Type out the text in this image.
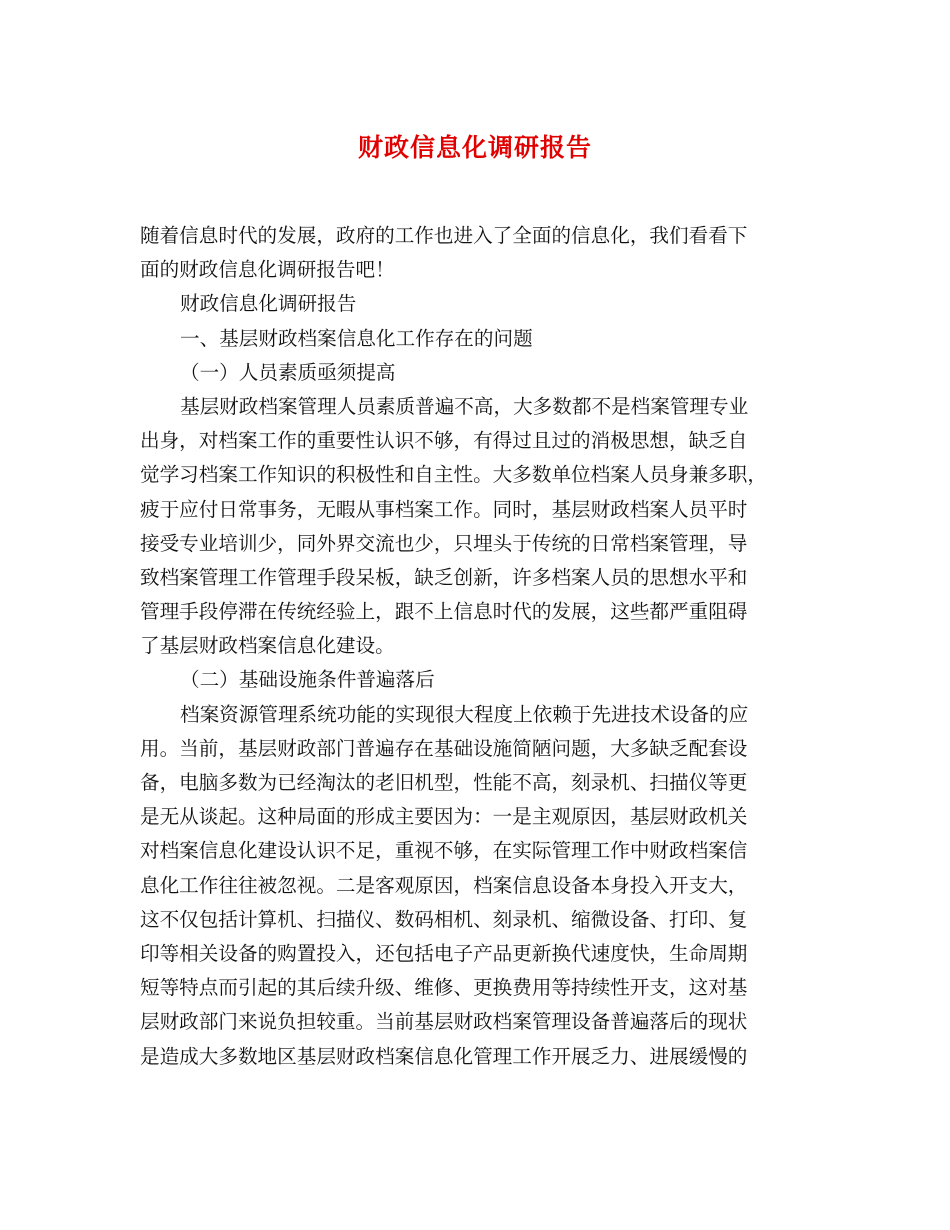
财政信息化调研报告
随着信息时代的发展，政府的工作也进入了全面的信息化，我们看看下
面的财政信息化调研报告吧！
财政信息化调研报告
一、基层财政档案信息化工作存在的问题
（一）人员素质亟须提高
基层财政档案管理人员素质普遍不高，大多数都不是档案管理专业
出身，对档案工作的重要性认识不够，有得过且过的消极思想，缺乏自
觉学习档案工作知识的积极性和自主性。大多数单位档案人员身兼多职，
疲于应付日常事务，无暇从事档案工作。同时，基层财政档案人员平时
接受专业培训少，同外界交流也少，只埋头于传统的日常档案管理，导
致档案管理工作管理手段呆板，缺乏创新，许多档案人员的思想水平和
管理手段停滞在传统经验上，跟不上信息时代的发展，这些都严重阻碍
了基层财政档案信息化建设。
（二）基础设施条件普遍落后
档案资源管理系统功能的实现很大程度上依赖于先进技术设备的应
用。当前，基层财政部门普遍存在基础设施简陋问题，大多缺乏配套设
备，电脑多数为已经淘汰的老旧机型，性能不高，刻录机、扫描仪等更
是无从谈起。这种局面的形成主要因为：一是主观原因，基层财政机关
对档案信息化建设认识不足，重视不够，在实际管理工作中财政档案信
息化工作往往被忽视。二是客观原因，档案信息设备本身投入开支大，
这不仅包括计算机、扫描仪、数码相机、刻录机、缩微设备、打印、复
印等相关设备的购置投入，还包括电子产品更新换代速度快，生命周期
短等特点而引起的其后续升级、维修、更换费用等持续性开支，这对基
层财政部门来说负担较重。当前基层财政档案管理设备普遍落后的现状
是造成大多数地区基层财政档案信息化管理工作开展乏力、进展缓慢的
